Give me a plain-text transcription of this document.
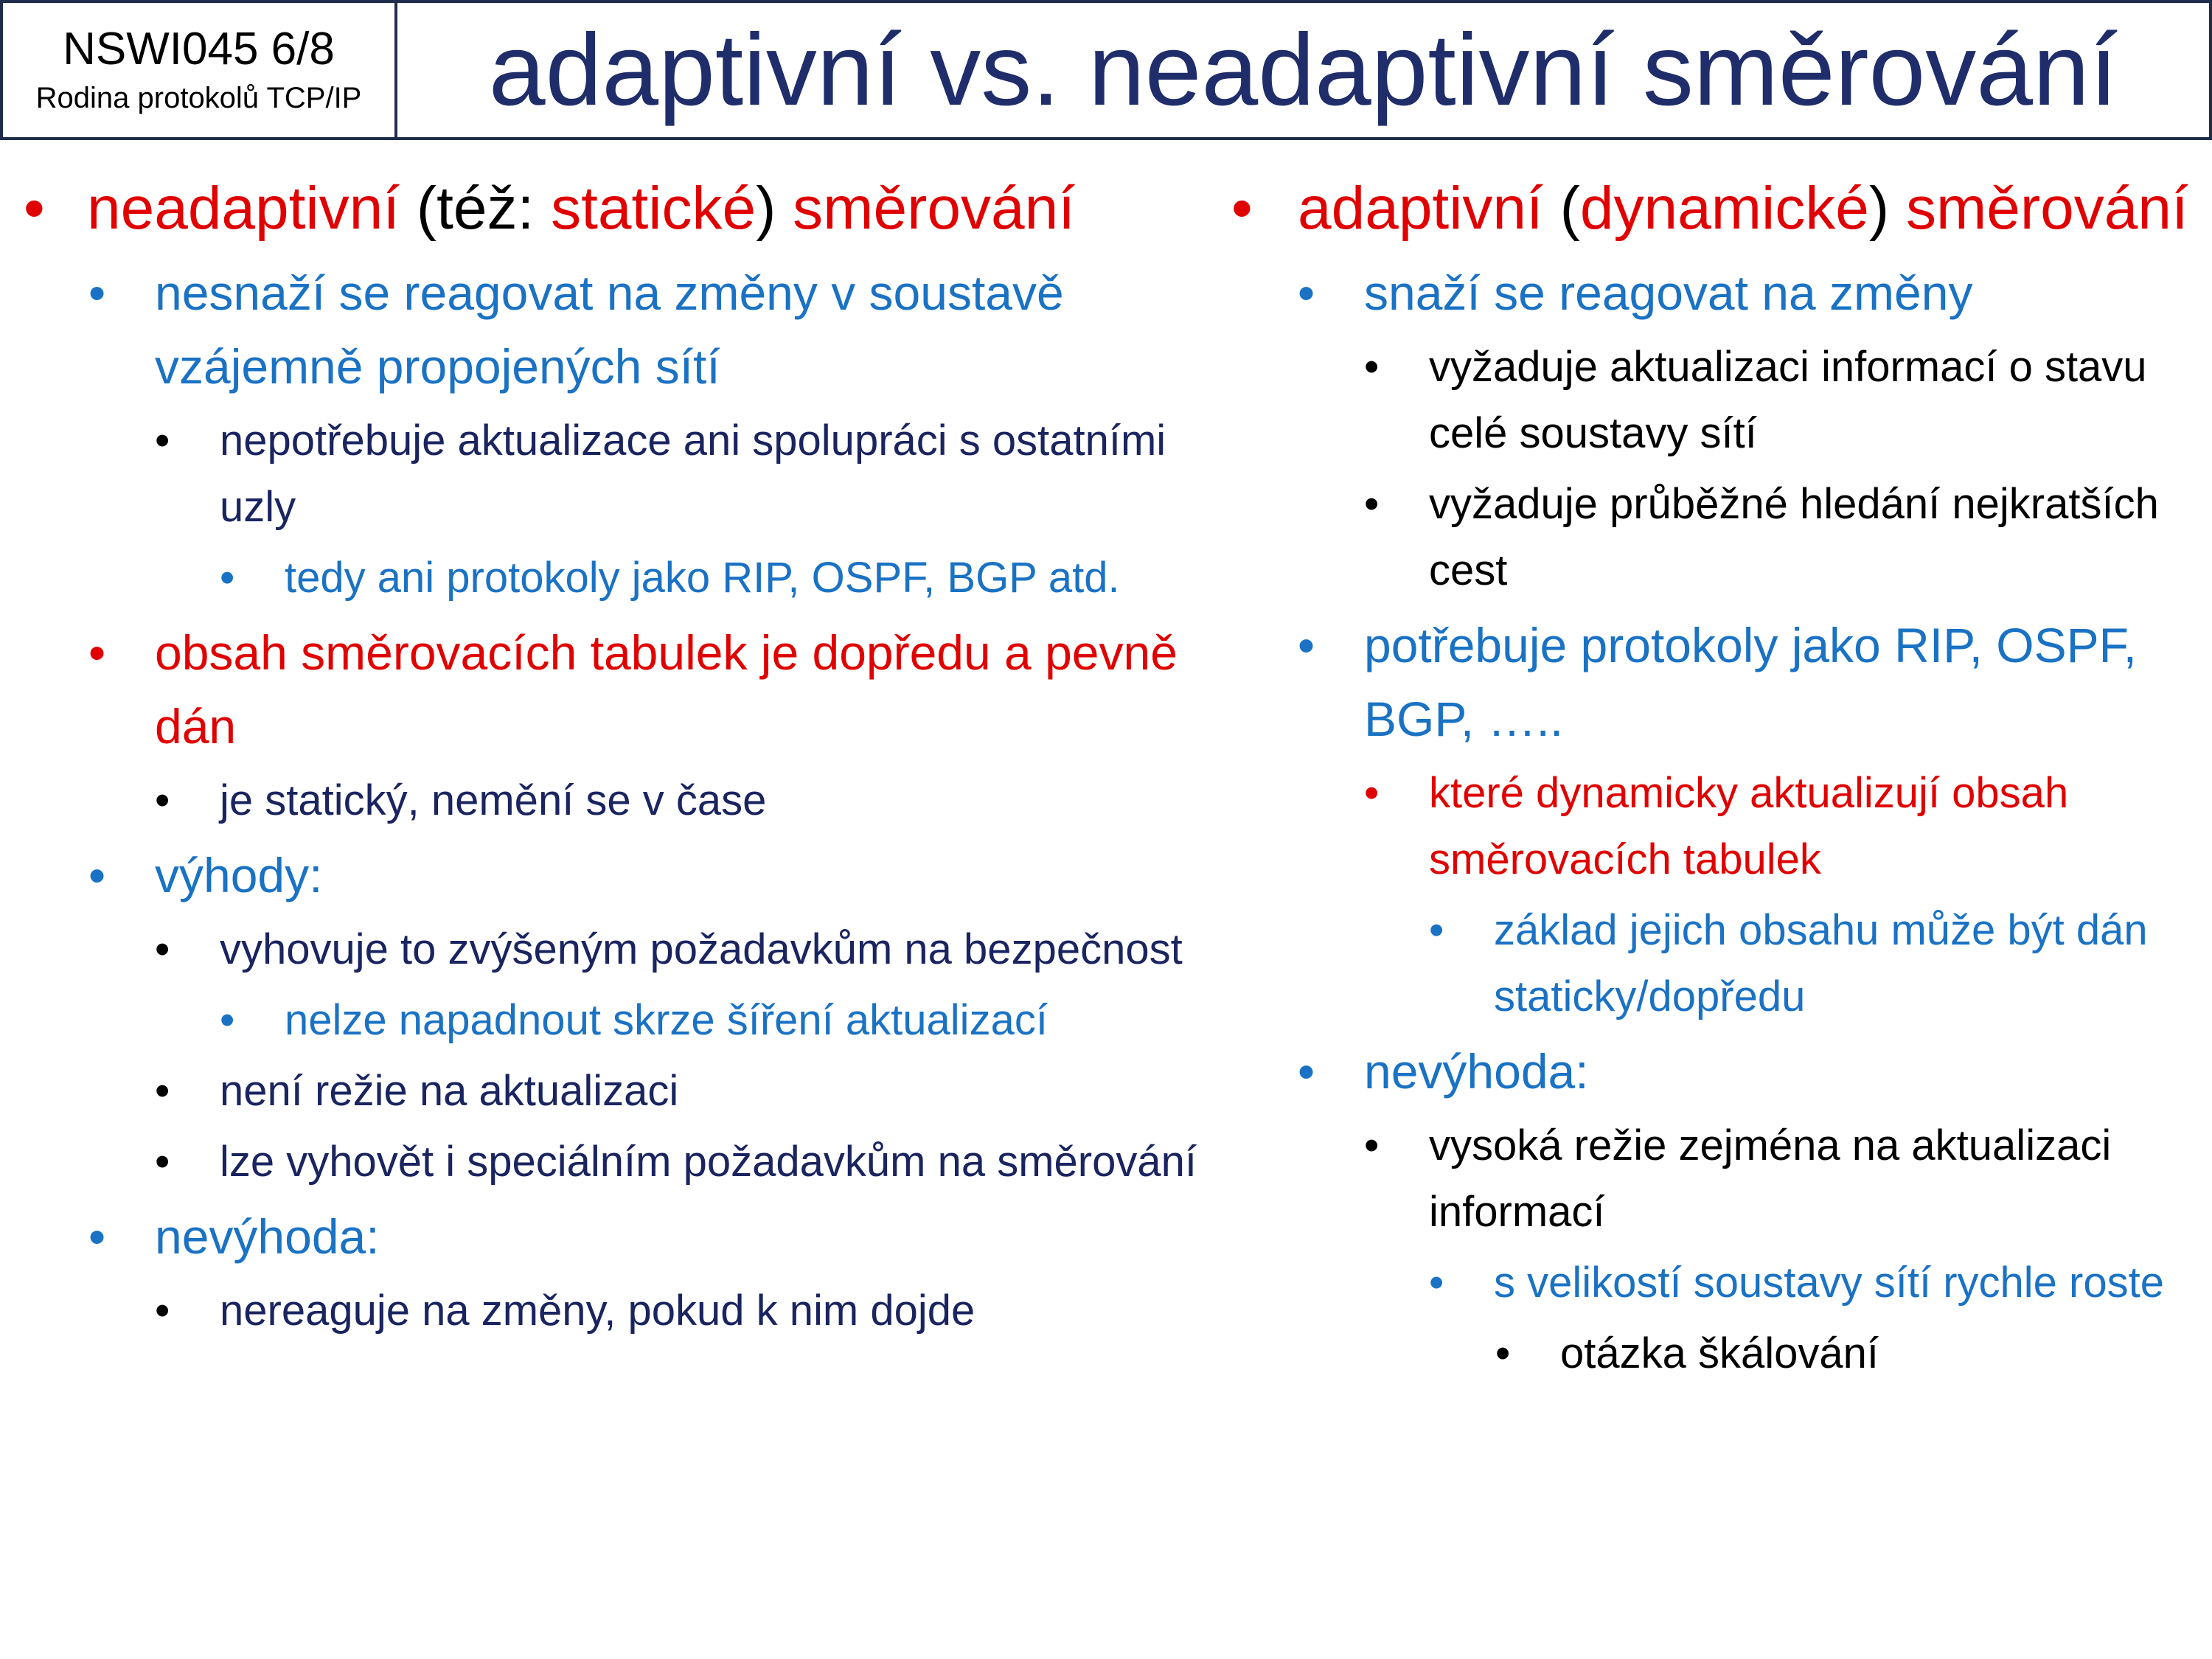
NSWI045 6/8
Rodina protokolů TCP/IP adaptivní vs. neadaptivní směrování
• neadaptivní (též: statické) směrování
• nesnaží se reagovat na změny v soustavě vzájemně propojených sítí
• nepotřebuje aktualizace ani spolupráci s ostatními uzly
• tedy ani protokoly jako RIP, OSPF, BGP atd.
• obsah směrovacích tabulek je dopředu a pevně dán
• je statický, nemění se v čase
• výhody:
• vyhovuje to zvýšeným požadavkům na bezpečnost
• nelze napadnout skrze šíření aktualizací
• není režie na aktualizaci
• lze vyhovět i speciálním požadavkům na směrování
• nevýhoda:
• nereaguje na změny, pokud k nim dojde
• adaptivní (dynamické) směrování
• snaží se reagovat na změny
• vyžaduje aktualizaci informací o stavu celé soustavy sítí
• vyžaduje průběžné hledání nejkratších cest
• potřebuje protokoly jako RIP, OSPF, BGP, …..
• které dynamicky aktualizují obsah směrovacích tabulek
• základ jejich obsahu může být dán staticky/dopředu
• nevýhoda:
• vysoká režie zejména na aktualizaci informací
• s velikostí soustavy sítí rychle roste
• otázka škálování
